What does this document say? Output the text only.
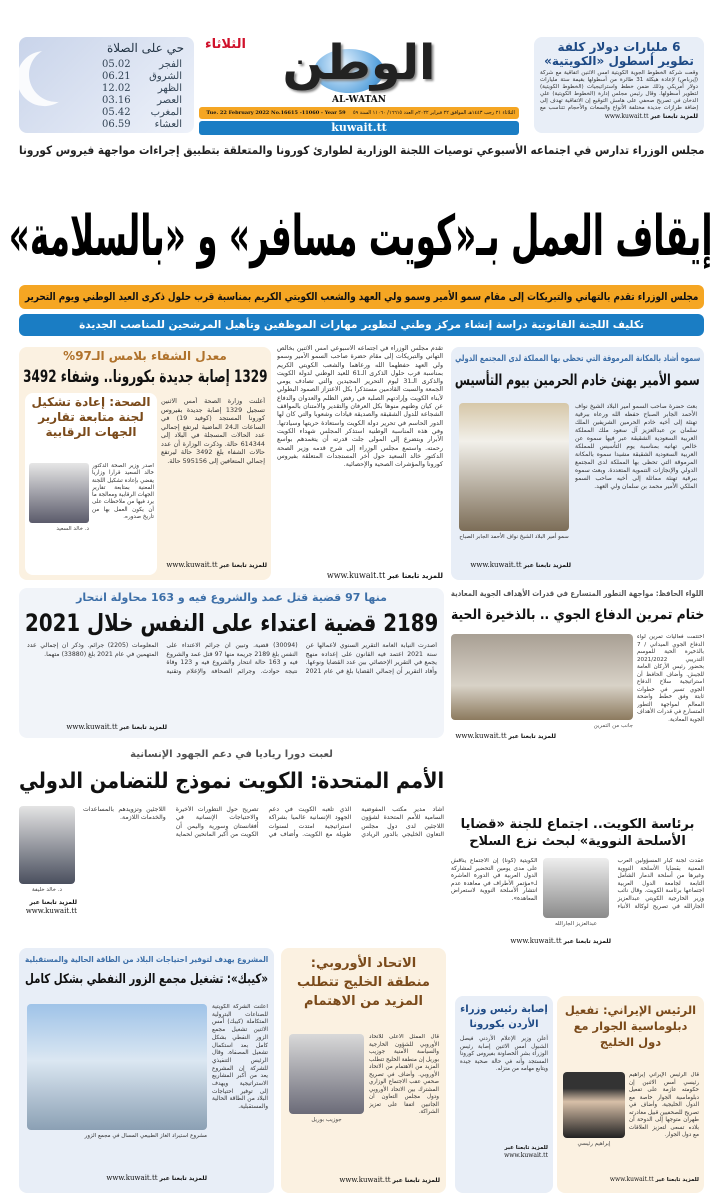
حي على الصلاة
الفجر
05.02
الشروق
06.21
الظهر
12.02
العصر
03.16
المغرب
05.42
العشاء
06.59
الوطن
الثلاثاء
AL-WATAN
الثلاثاء ٢١ رجب ١٤٤٣هـ الموافق ٢٢ فبراير ٢٠٢٢م العدد ١٦٦١٥/ ١١٠٦٠ السنة ٥٩
Tue. 22 February 2022 No.16615 -11060 - Year 59
kuwait.tt
6 مليارات دولار كلفة تطوير أسطول «الكويتية»
وقعت شركة الخطوط الجوية الكويتية أمس الاثنين اتفاقية مع شركة (إيرباص) لإعادة هيكلة 31 طائرة من أسطولها بقيمة ستة مليارات دولار أمريكي وذلك ضمن خطط واستراتيجيات (الخطوط الكويتية) لتطوير أسطولها. وقال رئيس مجلس إدارة (الخطوط الكويتية) علي الدخان في تصريح صحفي على هامش التوقيع إن الاتفاقية تهدف إلى إضافة طرازات جديدة مختلفة الأنواع والسعات والأحجام تتناسب مع
للمزيد تابعنا عبر www.kuwait.tt
مجلس الوزراء تدارس في اجتماعه الأسبوعي توصيات اللجنة الوزارية لطوارئ كورونا والمتعلقة بتطبيق إجراءات مواجهة فيروس كورونا
إيقاف العمل بـ«كويت مسافر» و «بالسلامة»
مجلس الوزراء تقدم بالتهاني والتبريكات إلى مقام سمو الأمير وسمو ولي العهد والشعب الكويتي الكريم بمناسبة قرب حلول ذكرى العيد الوطني ويوم التحرير
تكليف اللجنة القانونية دراسة إنشاء مركز وطني لتطوير مهارات الموظفين وتأهيل المرشحين للمناصب الجديدة
تقدم مجلس الوزراء في اجتماعه الأسبوعي أمس الاثنين بخالص التهاني والتبريكات إلى مقام حضرة صاحب السمو الأمير وسمو ولي العهد حفظهما الله ورعاهما والشعب الكويتي الكريم بمناسبة قرب حلول الذكرى الـ61 للعيد الوطني لدولة الكويت والذكرى الـ31 ليوم التحرير المجيدين والتي تصادف يومي الجمعة والسبت القادمين مستذكرا بكل الاعتزاز الصمود البطولي لأبناء الكويت وإرادتهم الصلبة في رفض الظلم والعدوان والدفاع عن كيان وطنهم منوها بكل العرفان والتقدير والامتنان بالمواقف الشجاعة للدول الشقيقة والصديقة قيادات وشعوبا والتي كان لها الدور الحاسم في تحرير دولة الكويت واستعادة حريتها وسيادتها. وفي هذه المناسبة الوطنية استذكر المجلس شهداء الكويت الأبرار وبتضرع إلى المولى جلت قدرته أن يتغمدهم بواسع رحمته. واستمع مجلس الوزراء إلى شرح قدمه وزير الصحة الدكتور خالد السعيد حول آخر المستجدات المتعلقة بفيروس كورونا والمؤشرات الصحية والإحصائية.
للمزيد تابعنا عبر www.kuwait.tt
معدل الشفاء بلامس الـ97%
1329 إصابة جديدة بكورونا.. وشفاء 3492
الصحة: إعادة تشكيل لجنة متابعة تقارير الجهات الرقابية
أصدر وزير الصحة الدكتور خالد السعيد قرارا وزاريا يقضي بإعادة تشكيل اللجنة المعنية بمتابعة تقارير الجهات الرقابية ومعالجة ما يرد فيها من ملاحظات على أن يكون العمل بها من تاريخ صدوره.
د. خالد السعيد
أعلنت وزارة الصحة أمس الاثنين تسجيل 1329 إصابة جديدة بفيروس كورونا المستجد (كوفيد 19) في الساعات الـ24 الماضية ليرتفع إجمالي عدد الحالات المسجلة في البلاد إلى 614344 حالة. وذكرت الوزارة أن عدد حالات الشفاء بلغ 3492 حالة ليرتفع إجمالي المتعافين إلى 595156 حالة.
للمزيد تابعنا عبر www.kuwait.tt
سموه أشاد بالمكانة المرموقة التي تحظى بها المملكة لدى المجتمع الدولي
سمو الأمير يهنئ خادم الحرمين بيوم التأسيس
سمو أمير البلاد الشيخ نواف الأحمد الجابر الصباح
بعث حضرة صاحب السمو أمير البلاد الشيخ نواف الأحمد الجابر الصباح حفظه الله ورعاه ببرقية تهنئة إلى أخيه خادم الحرمين الشريفين الملك سلمان بن عبدالعزيز آل سعود ملك المملكة العربية السعودية الشقيقة عبر فيها سموه عن خالص تهانيه بمناسبة يوم التأسيس للمملكة العربية السعودية الشقيقة مشيدا سموه بالمكانة المرموقة التي تحظى بها المملكة لدى المجتمع الدولي والإنجازات التنموية المتعددة. وبعث سموه ببرقية تهنئة مماثلة إلى أخيه صاحب السمو الملكي الأمير محمد بن سلمان ولي العهد.
للمزيد تابعنا عبر www.kuwait.tt
منها 97 قضية قتل عمد والشروع فيه و 163 محاولة انتحار
2189 قضية اعتداء على النفس خلال 2021
أصدرت النيابة العامة التقرير السنوي لأعمالها عن سنة 2021 اعتمد فيه القانون على إعداده منهج يجمع في التقرير الإحصائي بين عدد القضايا ونوعها. وأفاد التقرير أن إجمالي القضايا بلغ في عام 2021 (30094) قضية. وتبين أن جرائم الاعتداء على النفس بلغ 2189 جريمة منها 97 قتل عمد والشروع فيه و 163 حالة انتحار والشروع فيه و 123 وفاة نتيجة حوادث. وجرائم الصحافة والإعلام وتقنية المعلومات (2205) جرائم. وذكر أن إجمالي عدد المتهمين في عام 2021 بلغ (33880) متهما.
للمزيد تابعنا عبر www.kuwait.tt
اللواء الحافظ: مواجهة التطور المتسارع في قدرات الأهداف الجوية المعادية
ختام تمرين الدفاع الجوي .. بالذخيرة الحية
جانب من التمرين
اختتمت فعاليات تمرين لواء الدفاع الجوي الميداني / 7 بالذخيرة الحية للموسم التدريبي 2021/2022 بحضور رئيس الأركان العامة للجيش. وأضاف الحافظ أن استراتيجية سلاح الدفاع الجوي تسير في خطوات ثابتة وفق خطط واضحة المعالم لمواجهة التطور المتسارع في قدرات الأهداف الجوية المعادية.
للمزيد تابعنا عبر www.kuwait.tt
لعبت دورا رياديا في دعم الجهود الإنسانية
الأمم المتحدة: الكويت نموذج للتضامن الدولي
د. خالد خليفة
أشاد مدير مكتب المفوضية السامية للأمم المتحدة لشؤون اللاجئين لدى دول مجلس التعاون الخليجي بالدور الريادي الذي تلعبه الكويت في دعم الجهود الإنسانية عالميا بشراكة استراتيجية امتدت لسنوات طويلة مع الكويت. وأضاف في تصريح حول التطورات الأخيرة والاحتياجات الإنسانية في أفغانستان وسورية واليمن أن الكويت من أكبر المانحين لحماية اللاجئين وتزويدهم بالمساعدات والخدمات اللازمة.
للمزيد تابعنا عبر www.kuwait.tt
برئاسة الكويت.. اجتماع للجنة «قضايا الأسلحة النووية» لبحث نزع السلاح
عبدالعزيز الجارالله
عقدت لجنة كبار المسؤولين العرب المعنية بقضايا الأسلحة النووية وغيرها من أسلحة الدمار الشامل التابعة لجامعة الدول العربية اجتماعها برئاسة الكويت. وقال نائب وزير الخارجية الكويتي عبدالعزيز الجارالله في تصريح لوكالة الأنباء الكويتية (كونا) إن الاجتماع يناقش على مدى يومين التحضير لمشاركة الدول العربية في الدورة العاشرة لـ«مؤتمر الأطراف في معاهدة عدم انتشار الأسلحة النووية لاستعراض المعاهدة».
للمزيد تابعنا عبر www.kuwait.tt
المشروع يهدف لتوفير احتياجات البلاد من الطاقة الحالية والمستقبلية
«كيبك»: تشغيل مجمع الزور النفطي بشكل كامل
مشروع استيراد الغاز الطبيعي المسال في مجمع الزور
أعلنت الشركة الكويتية للصناعات البترولية المتكاملة (كيبك) أمس الاثنين تشغيل مجمع الزور النفطي بشكل كامل بعد استكمال تشغيل المصفاة. وقال الرئيس التنفيذي للشركة إن المشروع يعد من أكبر المشاريع الاستراتيجية ويهدف إلى توفير احتياجات البلاد من الطاقة الحالية والمستقبلية.
للمزيد تابعنا عبر www.kuwait.tt
الاتحاد الأوروبي: منطقة الخليج تتطلب المزيد من الاهتمام
جوزيب بوريل
قال الممثل الأعلى للاتحاد الأوروبي للشؤون الخارجية والسياسة الأمنية جوزيب بوريل إن منطقة الخليج تتطلب المزيد من الاهتمام من الاتحاد الأوروبي. وأضاف في تصريح صحفي عقب الاجتماع الوزاري المشترك بين الاتحاد الأوروبي ودول مجلس التعاون أن الجانبين اتفقا على تعزيز الشراكة.
للمزيد تابعنا عبر www.kuwait.tt
إصابة رئيس وزراء الأردن بكورونا
أعلن وزير الإعلام الأردني فيصل الشبول أمس الاثنين إصابة رئيس الوزراء بشر الخصاونة بفيروس كورونا المستجد وأنه في حالة صحية جيدة ويتابع مهامه من منزله.
للمزيد تابعنا عبر www.kuwait.tt
الرئيس الإيراني: تفعيل دبلوماسية الجوار مع دول الخليج
إبراهيم رئيسي
قال الرئيس الإيراني إبراهيم رئيسي أمس الاثنين إن حكومته عازمة على تفعيل دبلوماسية الجوار خاصة مع الدول الخليجية. وأضاف في تصريح للصحفيين قبيل مغادرته طهران متوجها إلى الدوحة أن بلاده تسعى لتعزيز العلاقات مع دول الجوار.
للمزيد تابعنا عبر www.kuwait.tt
